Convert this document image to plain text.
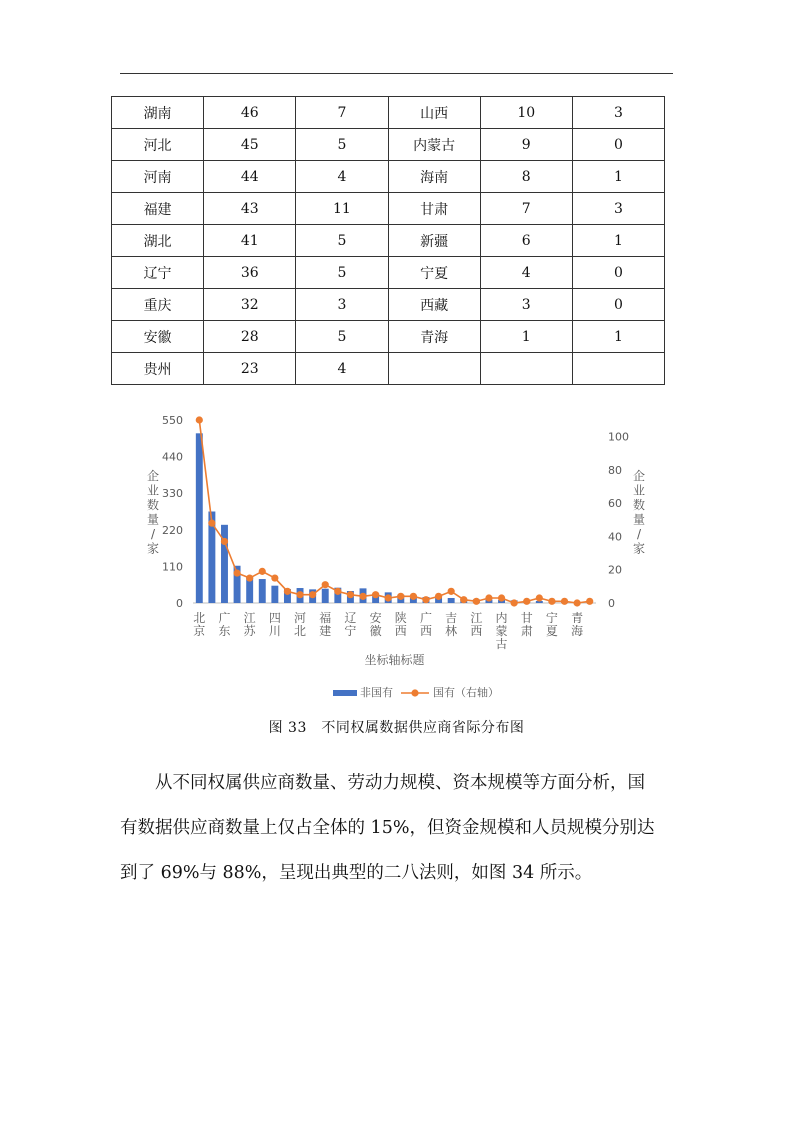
湖南	46	7	山西	10	3
河北	45	5	内蒙古	9	0
河南	44	4	海南	8	1
福建	43	11	甘肃	7	3
湖北	41	5	新疆	6	1
辽宁	36	5	宁夏	4	0
重庆	32	3	西藏	3	0
安徽	28	5	青海	1	1
贵州	23	4			
0
110
220
330
440
550
0
20
40
60
80
100
企业数量/家
企业数量/家
北京
广东
江苏
四川
河北
福建
辽宁
安徽
陕西
广西
吉林
江西
内蒙古
甘肃
宁夏
青海
坐标轴标题
非国有	国有（右轴）
图 33　不同权属数据供应商省际分布图
从不同权属供应商数量、劳动力规模、资本规模等方面分析，国
有数据供应商数量上仅占全体的 15%，但资金规模和人员规模分别达
到了 69%与 88%，呈现出典型的二八法则，如图 34 所示。
